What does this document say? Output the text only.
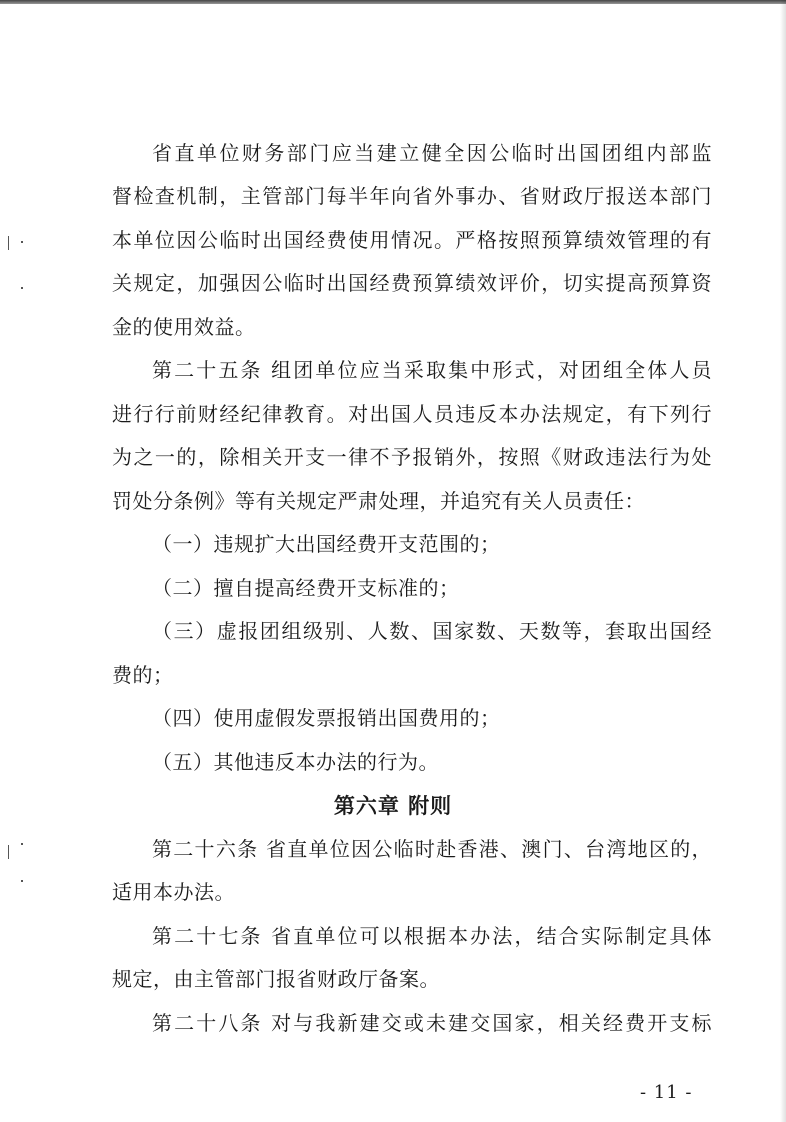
省直单位财务部门应当建立健全因公临时出国团组内部监
督检查机制，主管部门每半年向省外事办、省财政厅报送本部门
本单位因公临时出国经费使用情况。严格按照预算绩效管理的有
关规定，加强因公临时出国经费预算绩效评价，切实提高预算资
金的使用效益。
第二十五条 组团单位应当采取集中形式，对团组全体人员
进行行前财经纪律教育。对出国人员违反本办法规定，有下列行
为之一的，除相关开支一律不予报销外，按照《财政违法行为处
罚处分条例》等有关规定严肃处理，并追究有关人员责任：
（一）违规扩大出国经费开支范围的；
（二）擅自提高经费开支标准的；
（三）虚报团组级别、人数、国家数、天数等，套取出国经
费的；
（四）使用虚假发票报销出国费用的；
（五）其他违反本办法的行为。
第六章 附则
第二十六条 省直单位因公临时赴香港、澳门、台湾地区的，
适用本办法。
第二十七条 省直单位可以根据本办法，结合实际制定具体
规定，由主管部门报省财政厅备案。
第二十八条 对与我新建交或未建交国家，相关经费开支标
- 11 -
